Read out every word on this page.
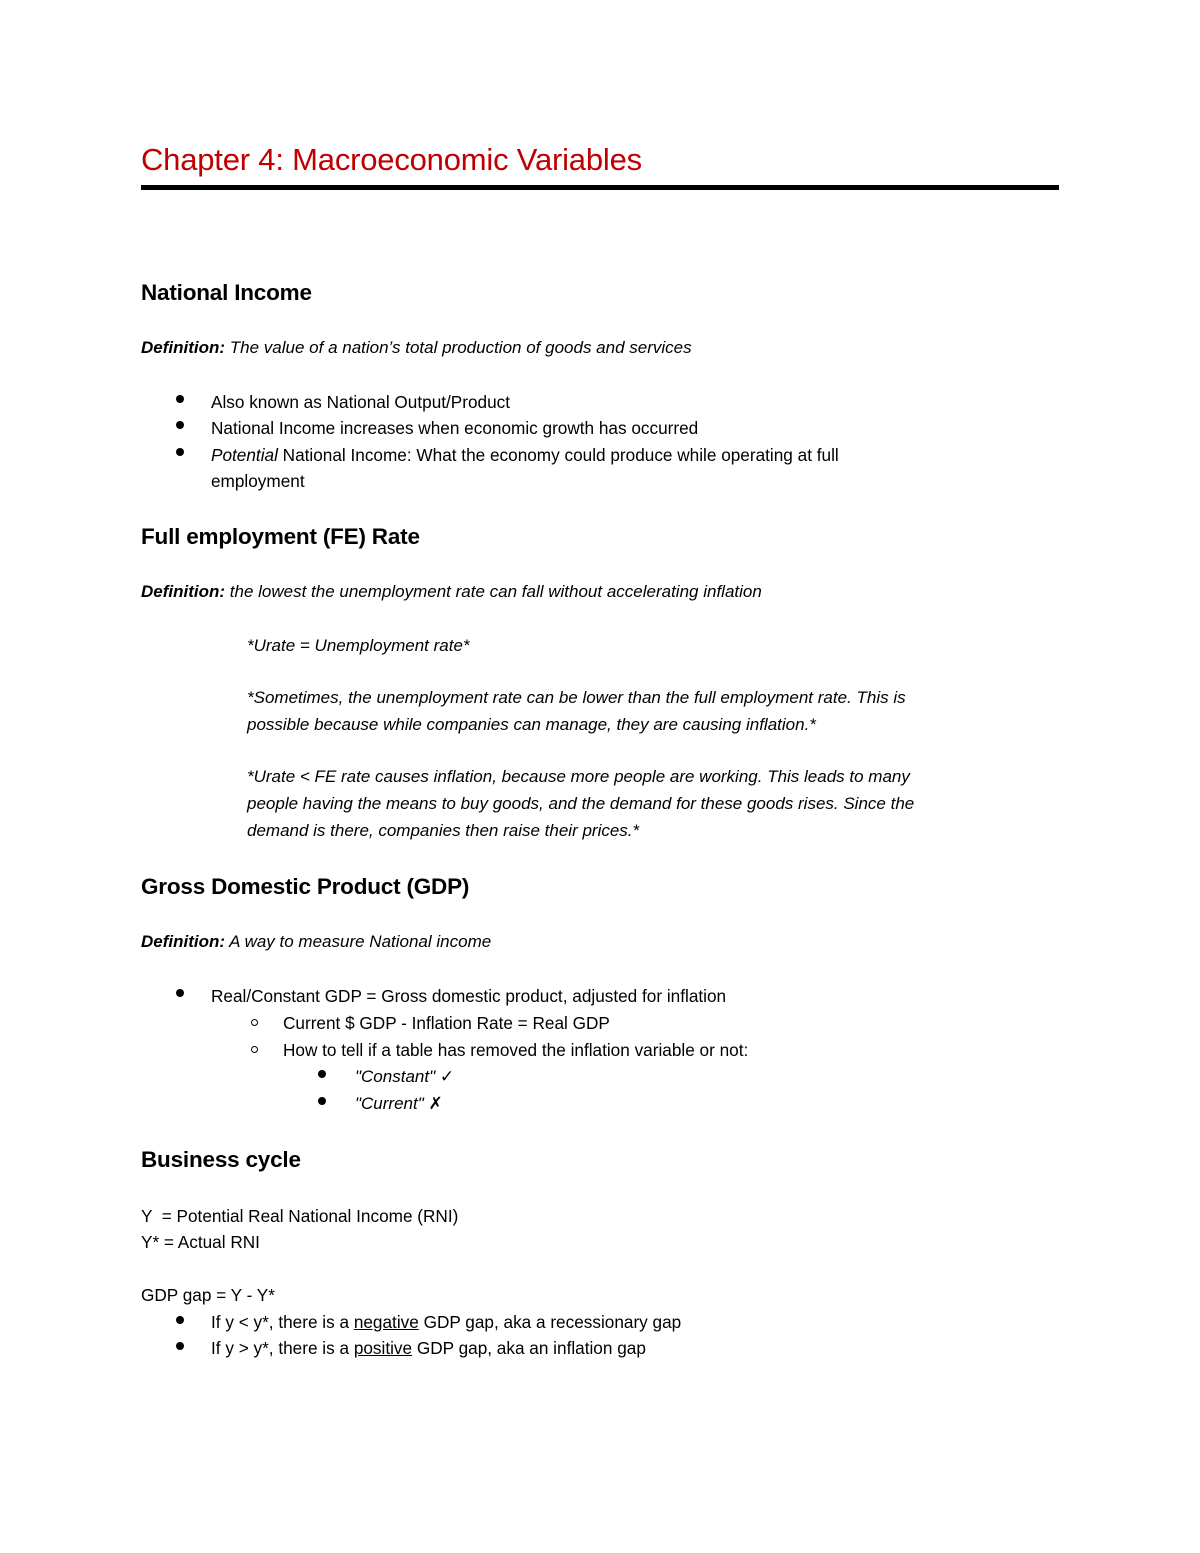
Chapter 4: Macroeconomic Variables
National Income
Definition: The value of a nation’s total production of goods and services
Also known as National Output/Product
National Income increases when economic growth has occurred
Potential National Income: What the economy could produce while operating at full
employment
Full employment (FE) Rate
Definition: the lowest the unemployment rate can fall without accelerating inflation
*Urate = Unemployment rate*
*Sometimes, the unemployment rate can be lower than the full employment rate. This is
possible because while companies can manage, they are causing inflation.*
*Urate < FE rate causes inflation, because more people are working. This leads to many
people having the means to buy goods, and the demand for these goods rises. Since the
demand is there, companies then raise their prices.*
Gross Domestic Product (GDP)
Definition: A way to measure National income
Real/Constant GDP = Gross domestic product, adjusted for inflation
Current $ GDP - Inflation Rate = Real GDP
How to tell if a table has removed the inflation variable or not:
"Constant" ✓
"Current" ✗
Business cycle
Y  = Potential Real National Income (RNI)
Y* = Actual RNI
GDP gap = Y - Y*
If y < y*, there is a negative GDP gap, aka a recessionary gap
If y > y*, there is a positive GDP gap, aka an inflation gap
